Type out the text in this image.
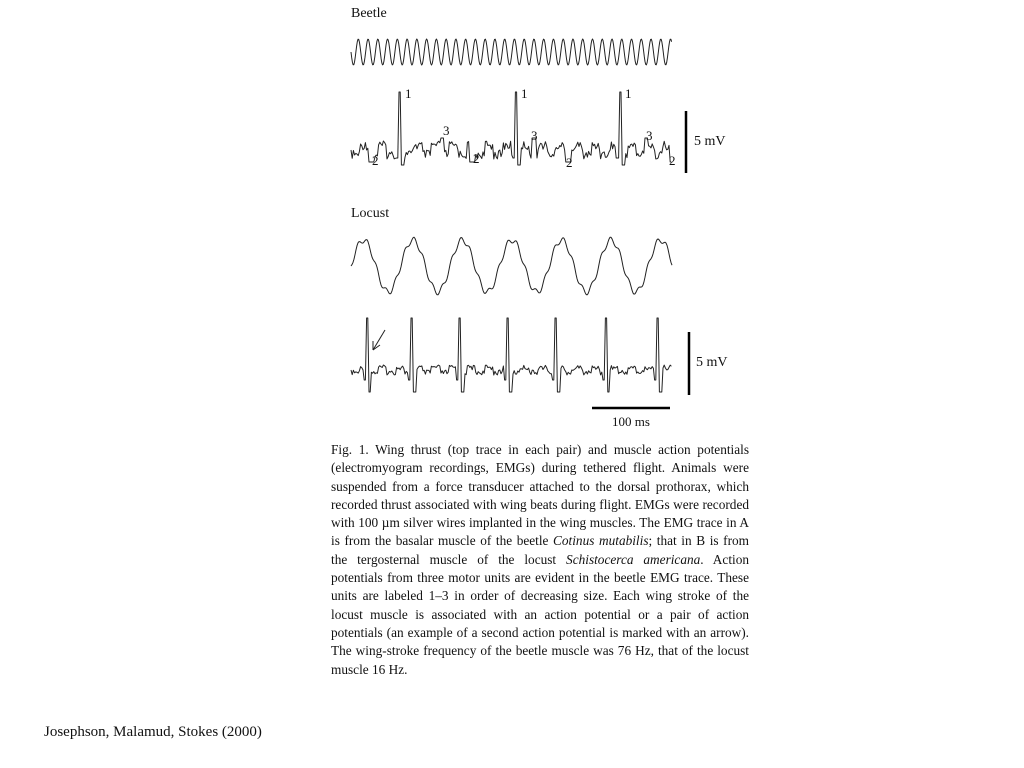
Beetle
1	1	1
2
3
2
3
2
3
2
5 mV
Locust
5 mV
100 ms

Fig. 1. Wing thrust (top trace in each pair) and muscle action potentials (electromyogram recordings, EMGs) during tethered flight. Animals were suspended from a force transducer attached to the dorsal prothorax, which recorded thrust associated with wing beats during flight. EMGs were recorded with 100 µm silver wires implanted in the wing muscles. The EMG trace in A is from the basalar muscle of the beetle Cotinus mutabilis; that in B is from the tergosternal muscle of the locust Schistocerca americana. Action potentials from three motor units are evident in the beetle EMG trace. These units are labeled 1–3 in order of decreasing size. Each wing stroke of the locust muscle is associated with an action potential or a pair of action potentials (an example of a second action potential is marked with an arrow). The wing-stroke frequency of the beetle muscle was 76 Hz, that of the locust muscle 16 Hz.

Josephson, Malamud, Stokes (2000)
